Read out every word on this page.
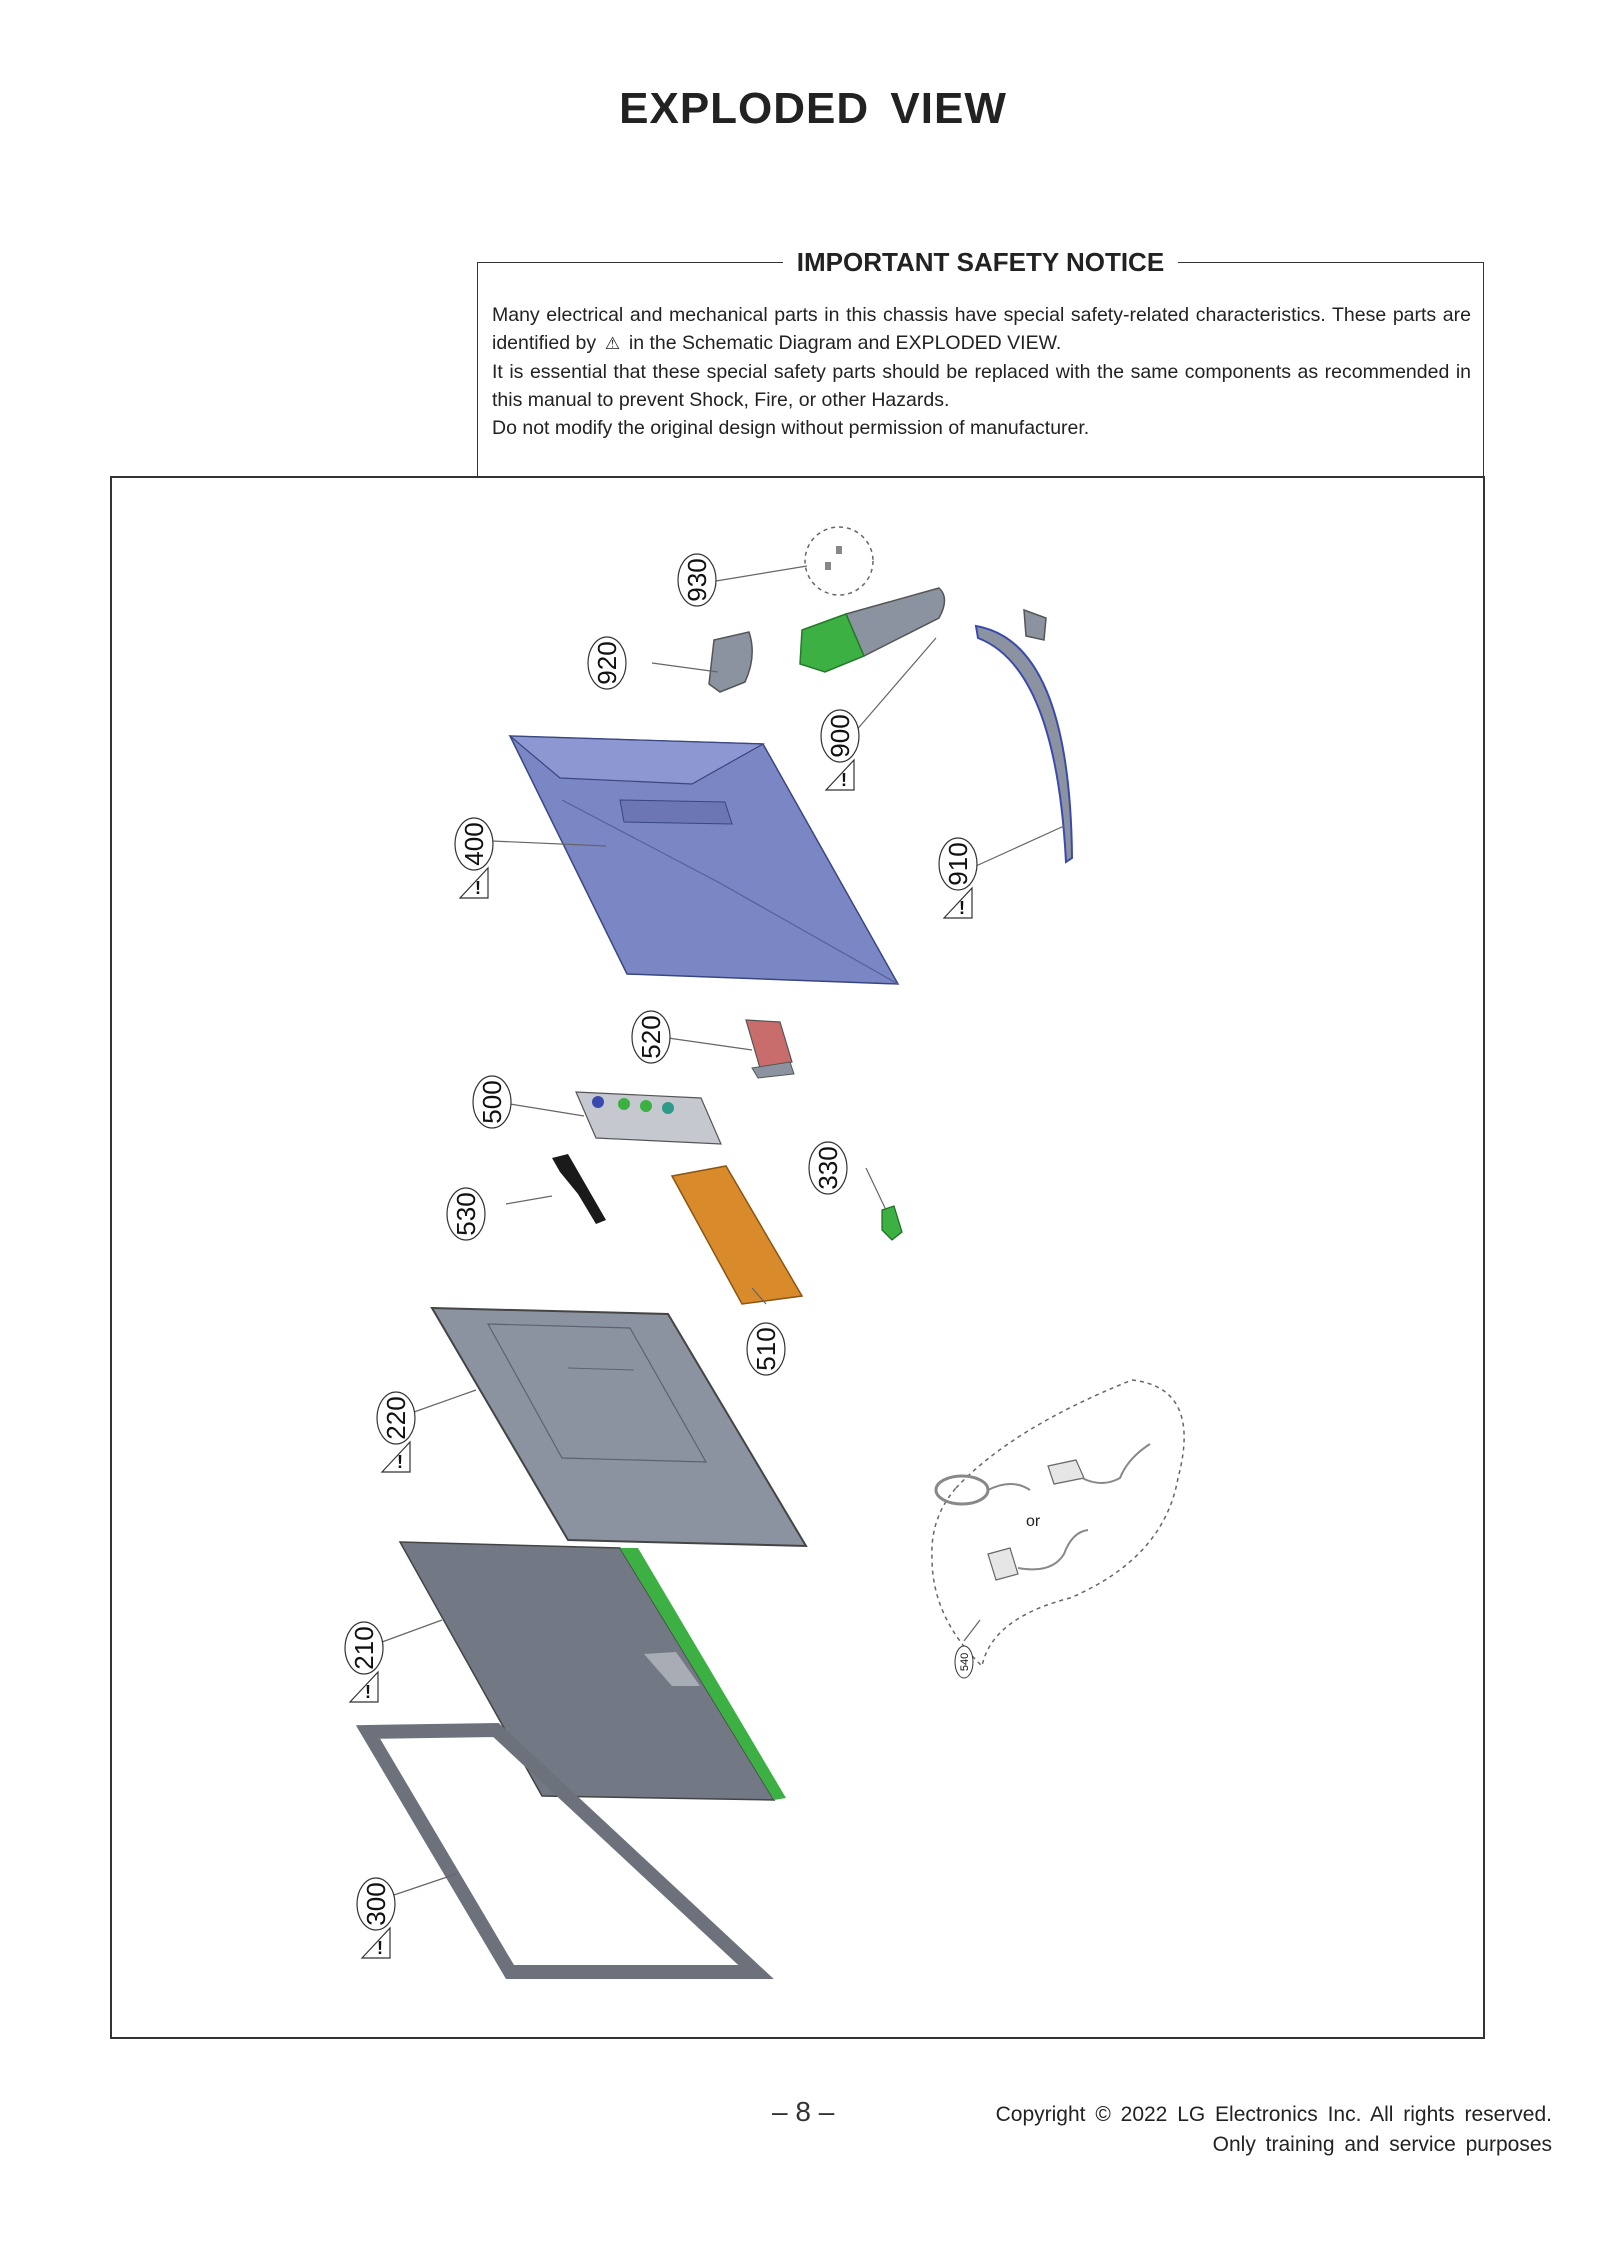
EXPLODED VIEW
IMPORTANT SAFETY NOTICE

Many electrical and mechanical parts in this chassis have special safety-related characteristics. These parts are identified by ⚠ in the Schematic Diagram and EXPLODED VIEW.

It is essential that these special safety parts should be replaced with the same components as recommended in this manual to prevent Shock, Fire, or other Hazards.

Do not modify the original design without permission of manufacturer.

or
930
920
900
910
400
520
500
330
530
510
220
210
300
540
!
!
!
!
!
!
– 8 –	Copyright © 2022 LG Electronics Inc. All rights reserved.
Only training and service purposes
